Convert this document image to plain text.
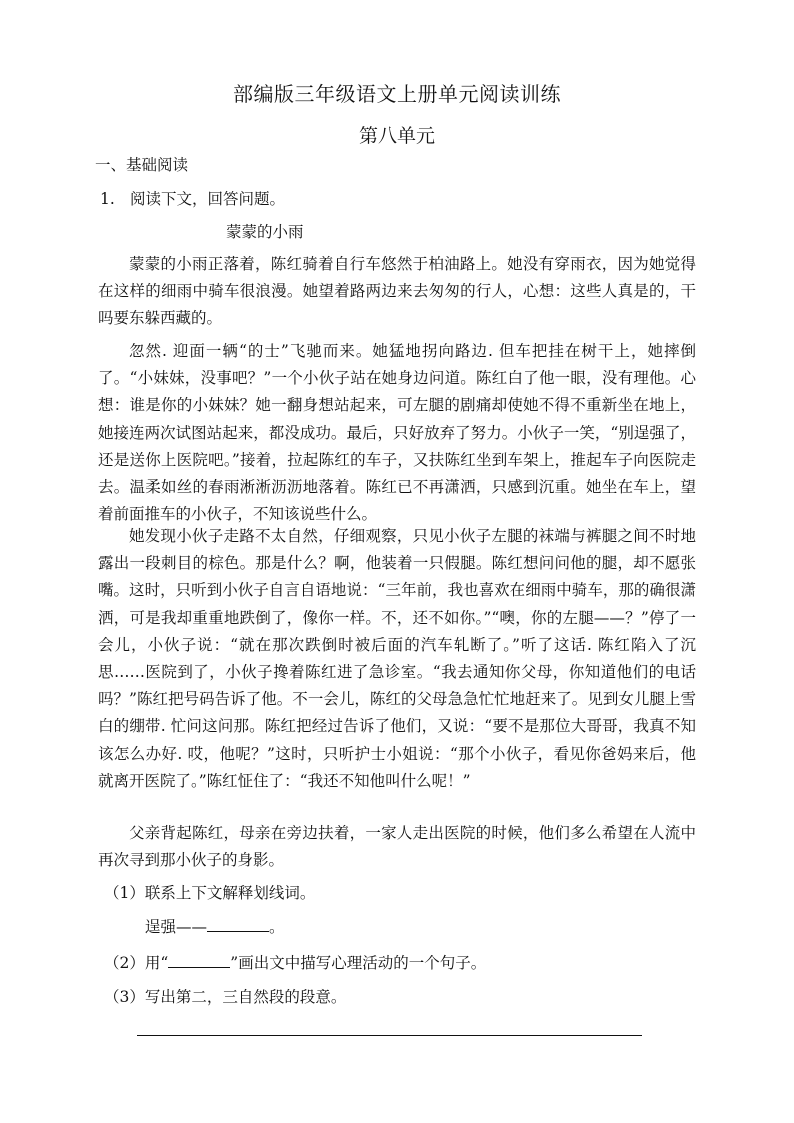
部编版三年级语文上册单元阅读训练
第八单元
一、基础阅读
1. 阅读下文，回答问题。
蒙蒙的小雨

蒙蒙的小雨正落着，陈红骑着自行车悠然于柏油路上。她没有穿雨衣，因为她觉得在这样的细雨中骑车很浪漫。她望着路两边来去匆匆的行人，心想：这些人真是的，干吗要东躲西藏的。

忽然. 迎面一辆“的士”飞驰而来。她猛地拐向路边. 但车把挂在树干上，她摔倒了。“小妹妹，没事吧？”一个小伙子站在她身边问道。陈红白了他一眼，没有理他。心想：谁是你的小妹妹？她一翻身想站起来，可左腿的剧痛却使她不得不重新坐在地上，她接连两次试图站起来，都没成功。最后，只好放弃了努力。小伙子一笑，“别逞强了，还是送你上医院吧。”接着，拉起陈红的车子，又扶陈红坐到车架上，推起车子向医院走去。温柔如丝的春雨淅淅沥沥地落着。陈红已不再潇洒，只感到沉重。她坐在车上，望着前面推车的小伙子，不知该说些什么。

她发现小伙子走路不太自然，仔细观察，只见小伙子左腿的袜端与裤腿之间不时地露出一段刺目的棕色。那是什么？啊，他装着一只假腿。陈红想问问他的腿，却不愿张嘴。这时，只听到小伙子自言自语地说：“三年前，我也喜欢在细雨中骑车，那的确很潇洒，可是我却重重地跌倒了，像你一样。不，还不如你。”“噢，你的左腿——？”停了一会儿，小伙子说：“就在那次跌倒时被后面的汽车轧断了。”听了这话. 陈红陷入了沉思……医院到了，小伙子搀着陈红进了急诊室。“我去通知你父母，你知道他们的电话吗？”陈红把号码告诉了他。不一会儿，陈红的父母急急忙忙地赶来了。见到女儿腿上雪白的绷带. 忙问这问那。陈红把经过告诉了他们，又说：“要不是那位大哥哥，我真不知该怎么办好. 哎，他呢？”这时，只听护士小姐说：“那个小伙子，看见你爸妈来后，他就离开医院了。”陈红怔住了：“我还不知他叫什么呢！”

父亲背起陈红，母亲在旁边扶着，一家人走出医院的时候，他们多么希望在人流中再次寻到那小伙子的身影。

（1）联系上下文解释划线词。
逞强——	。
（2）用“	”画出文中描写心理活动的一个句子。
（3）写出第二，三自然段的段意。
